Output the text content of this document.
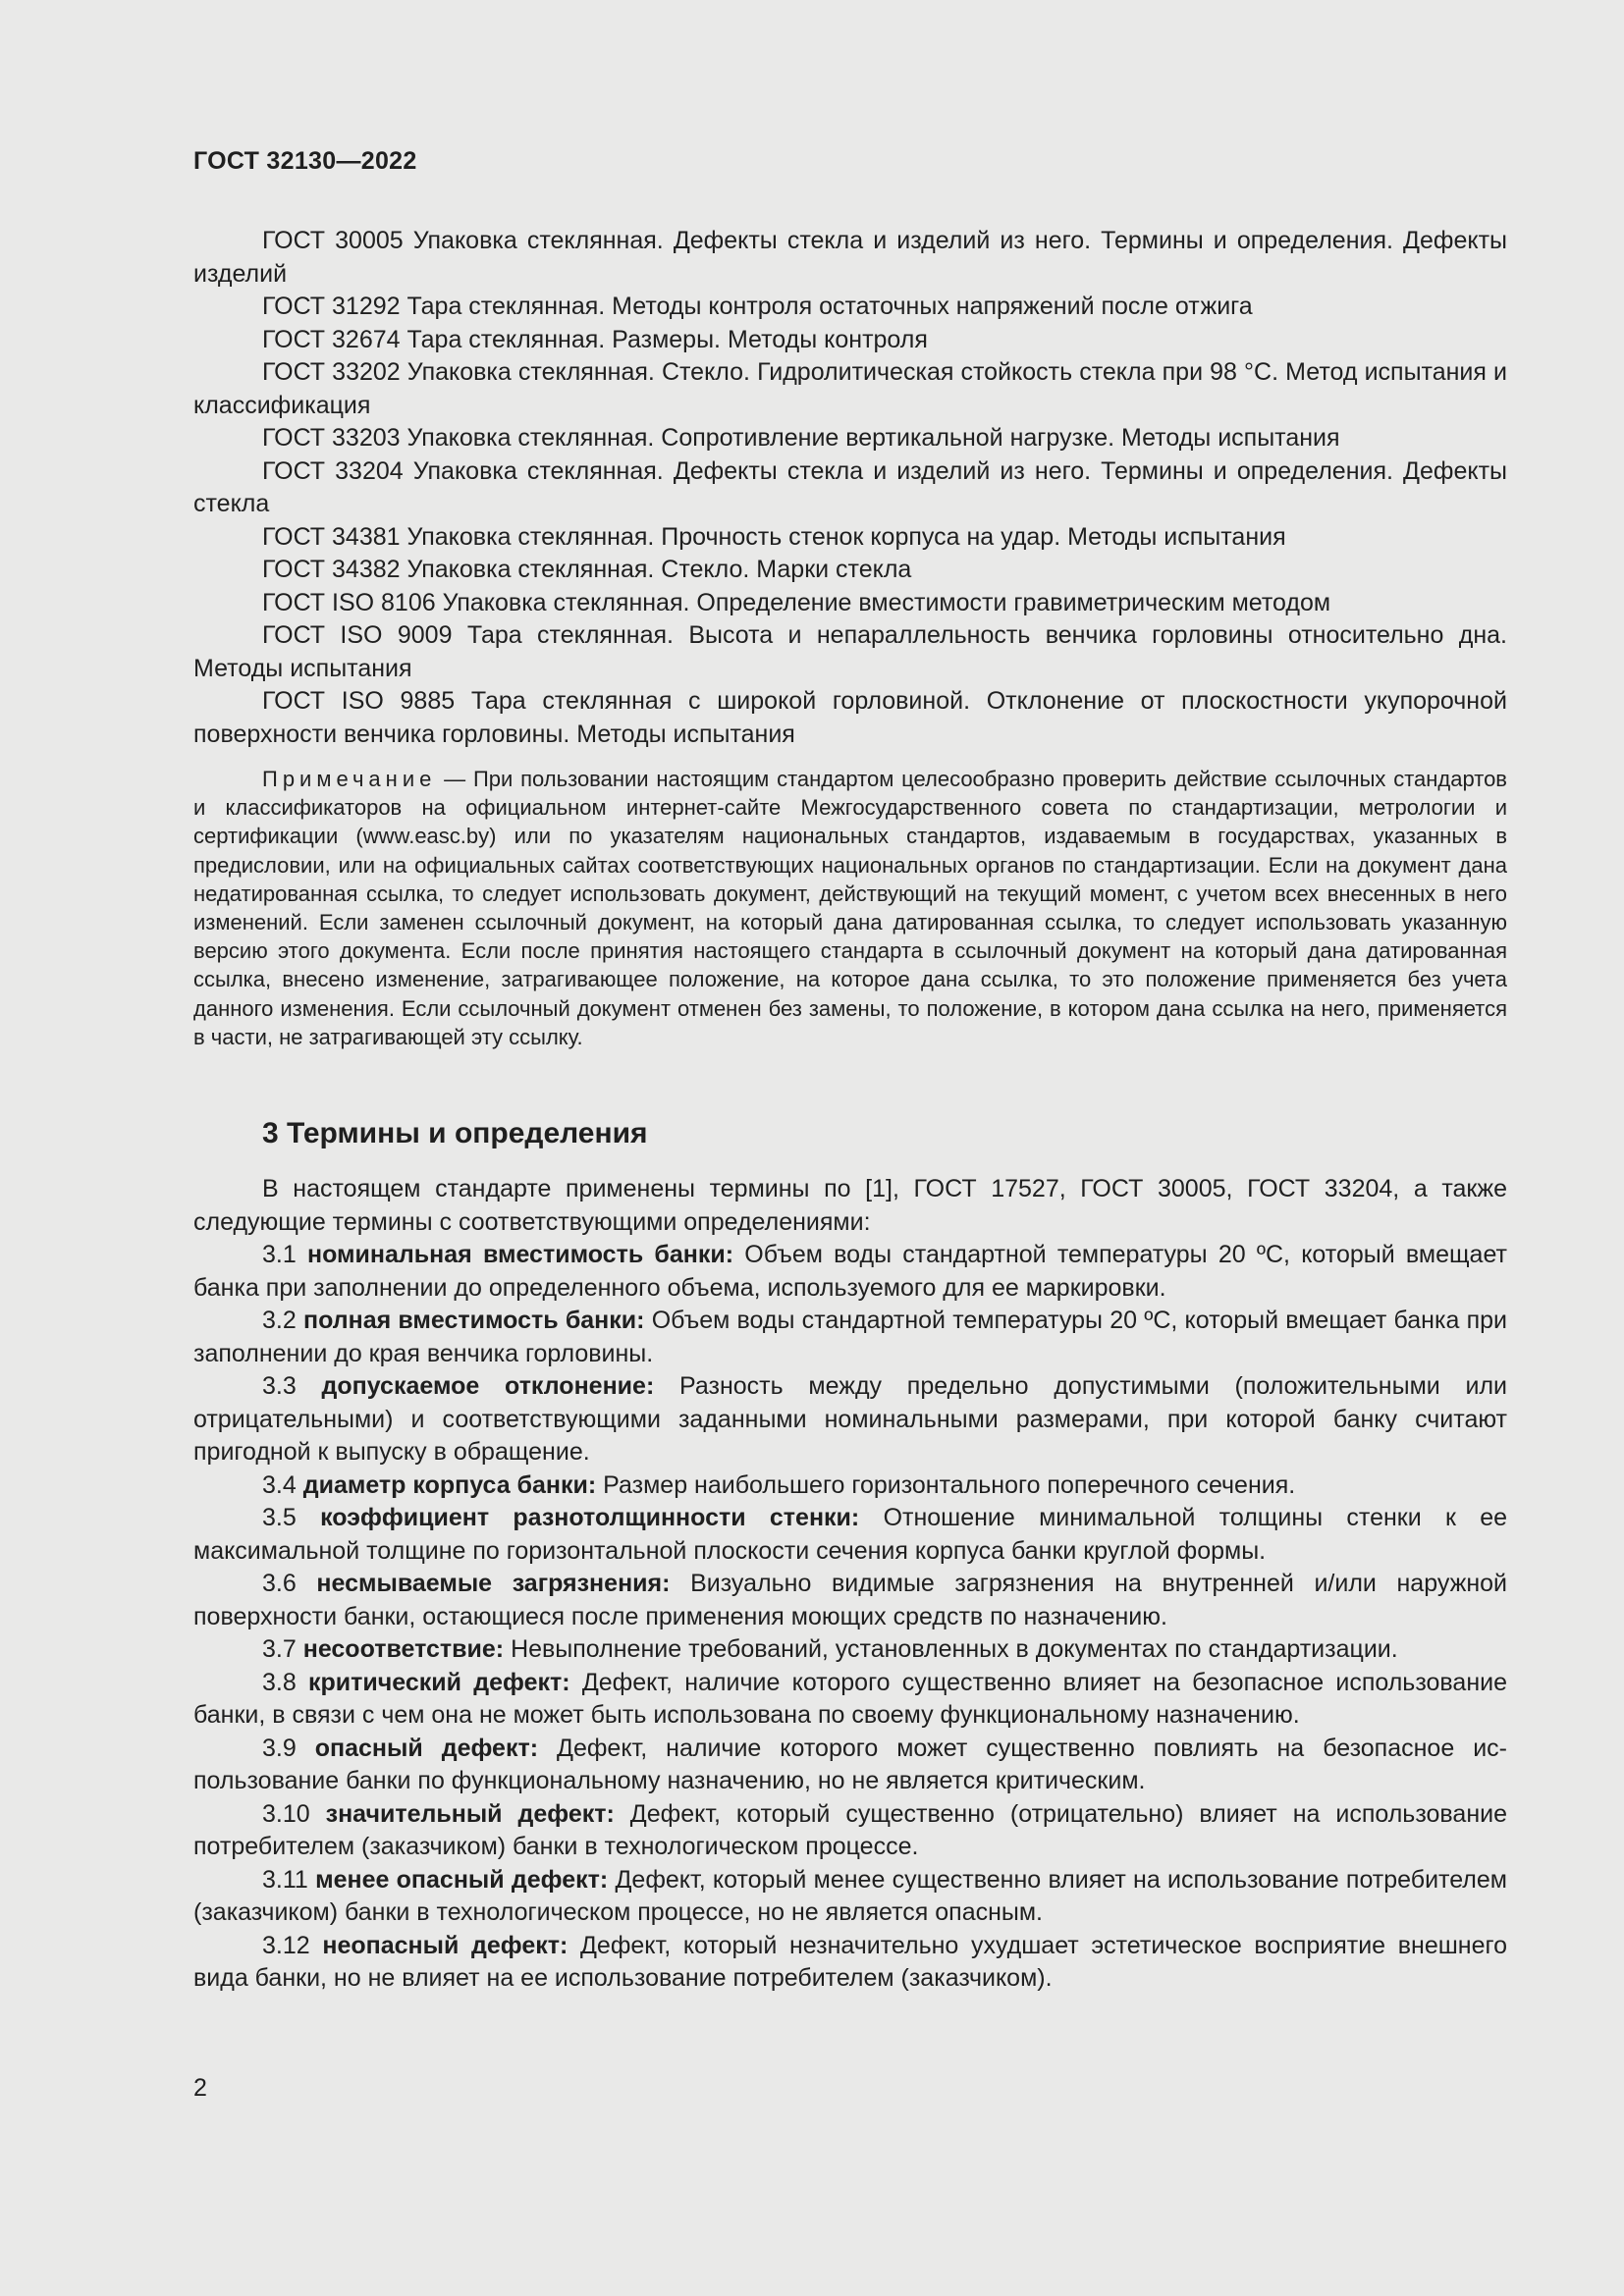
ГОСТ 32130—2022

ГОСТ 30005 Упаковка стеклянная. Дефекты стекла и изделий из него. Термины и определения. Дефекты изделий

ГОСТ 31292 Тара стеклянная. Методы контроля остаточных напряжений после отжига

ГОСТ 32674 Тара стеклянная. Размеры. Методы контроля

ГОСТ 33202 Упаковка стеклянная. Стекло. Гидролитическая стойкость стекла при 98 °С. Метод испытания и классификация

ГОСТ 33203 Упаковка стеклянная. Сопротивление вертикальной нагрузке. Методы испытания

ГОСТ 33204 Упаковка стеклянная. Дефекты стекла и изделий из него. Термины и определения. Дефекты стекла

ГОСТ 34381 Упаковка стеклянная. Прочность стенок корпуса на удар. Методы испытания

ГОСТ 34382 Упаковка стеклянная. Стекло. Марки стекла

ГОСТ ISO 8106 Упаковка стеклянная. Определение вместимости гравиметрическим методом

ГОСТ ISO 9009 Тара стеклянная. Высота и непараллельность венчика горловины относительно дна. Методы испытания

ГОСТ ISO 9885 Тара стеклянная с широкой горловиной. Отклонение от плоскостности укупорочной поверхности венчика горловины. Методы испытания

Примечание — При пользовании настоящим стандартом целесообразно проверить действие ссылочных стандартов и классификаторов на официальном интернет-сайте Межгосударственного совета по стандартизации, метрологии и сертификации (www.easc.by) или по указателям национальных стандартов, издаваемым в государствах, указанных в предисловии, или на официальных сайтах соответствующих национальных органов по стандартизации. Если на документ дана недатированная ссылка, то следует использовать документ, действующий на текущий момент, с учетом всех внесенных в него изменений. Если заменен ссылочный документ, на который дана датированная ссылка, то следует использовать указанную версию этого документа. Если после принятия настоящего стандарта в ссылочный документ на который дана датированная ссылка, внесено изменение, затрагивающее положение, на которое дана ссылка, то это положение применяется без учета данного изменения. Если ссылочный документ отменен без замены, то положение, в котором дана ссылка на него, применяется в части, не затрагивающей эту ссылку.

3 Термины и определения

В настоящем стандарте применены термины по [1], ГОСТ 17527, ГОСТ 30005, ГОСТ 33204, а также следующие термины с соответствующими определениями:

3.1 номинальная вместимость банки: Объем воды стандартной температуры 20 ºС, который вмещает банка при заполнении до определенного объема, используемого для ее маркировки.

3.2 полная вместимость банки: Объем воды стандартной температуры 20 ºС, который вмещает банка при заполнении до края венчика горловины.

3.3 допускаемое отклонение: Разность между предельно допустимыми (положительными или отрицательными) и соответствующими заданными номинальными размерами, при которой банку считают пригодной к выпуску в обращение.

3.4 диаметр корпуса банки: Размер наибольшего горизонтального поперечного сечения.

3.5 коэффициент разнотолщинности стенки: Отношение минимальной толщины стенки к ее максимальной толщине по горизонтальной плоскости сечения корпуса банки круглой формы.

3.6 несмываемые загрязнения: Визуально видимые загрязнения на внутренней и/или наружной поверхности банки, остающиеся после применения моющих средств по назначению.

3.7 несоответствие: Невыполнение требований, установленных в документах по стандартизации.

3.8 критический дефект: Дефект, наличие которого существенно влияет на безопасное использование банки, в связи с чем она не может быть использована по своему функциональному назначению.

3.9 опасный дефект: Дефект, наличие которого может существенно повлиять на безопасное использование банки по функциональному назначению, но не является критическим.

3.10 значительный дефект: Дефект, который существенно (отрицательно) влияет на использование потребителем (заказчиком) банки в технологическом процессе.

3.11 менее опасный дефект: Дефект, который менее существенно влияет на использование потребителем (заказчиком) банки в технологическом процессе, но не является опасным.

3.12 неопасный дефект: Дефект, который незначительно ухудшает эстетическое восприятие внешнего вида банки, но не влияет на ее использование потребителем (заказчиком).

2
